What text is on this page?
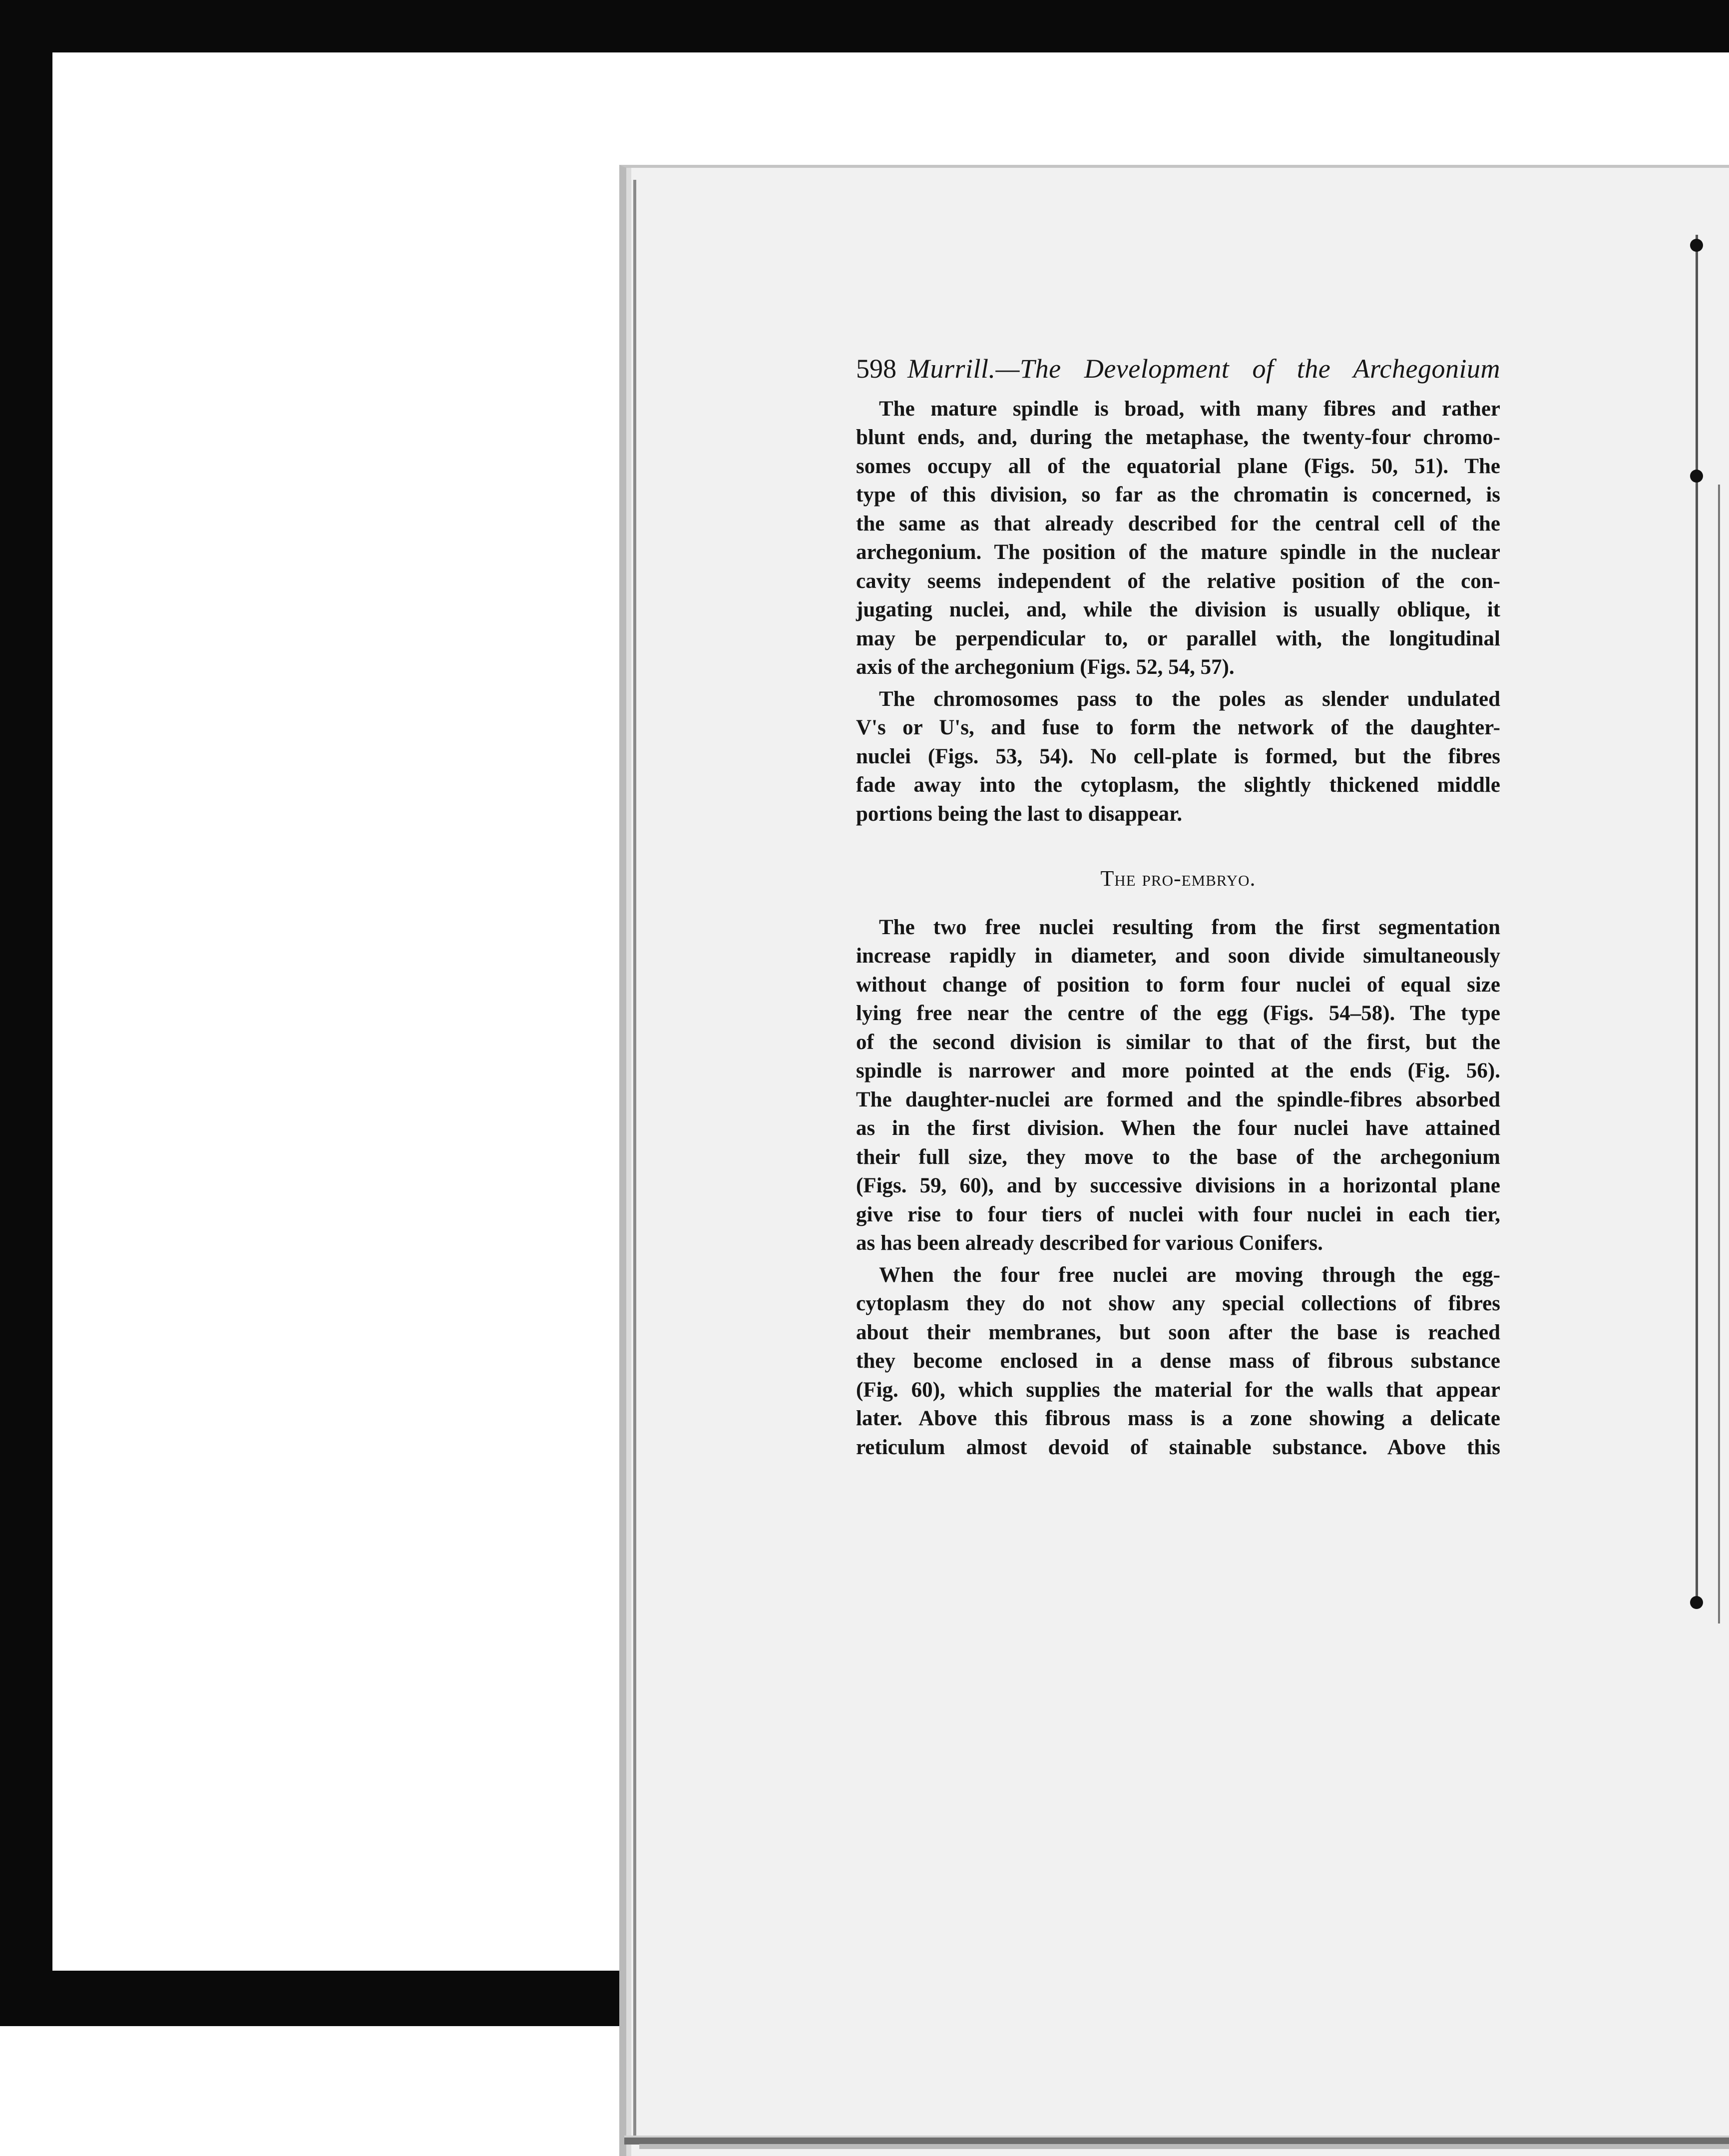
598 Murrill.—The Development of the Archegonium
The mature spindle is broad, with many fibres and rather
blunt ends, and, during the metaphase, the twenty-four chromo-
somes occupy all of the equatorial plane (Figs. 50, 51). The
type of this division, so far as the chromatin is concerned, is
the same as that already described for the central cell of the
archegonium. The position of the mature spindle in the nuclear
cavity seems independent of the relative position of the con-
jugating nuclei, and, while the division is usually oblique, it
may be perpendicular to, or parallel with, the longitudinal
axis of the archegonium (Figs. 52, 54, 57).
The chromosomes pass to the poles as slender undulated
V's or U's, and fuse to form the network of the daughter-
nuclei (Figs. 53, 54). No cell-plate is formed, but the fibres
fade away into the cytoplasm, the slightly thickened middle
portions being the last to disappear.
The pro-embryo.
The two free nuclei resulting from the first segmentation
increase rapidly in diameter, and soon divide simultaneously
without change of position to form four nuclei of equal size
lying free near the centre of the egg (Figs. 54–58). The type
of the second division is similar to that of the first, but the
spindle is narrower and more pointed at the ends (Fig. 56).
The daughter-nuclei are formed and the spindle-fibres absorbed
as in the first division. When the four nuclei have attained
their full size, they move to the base of the archegonium
(Figs. 59, 60), and by successive divisions in a horizontal plane
give rise to four tiers of nuclei with four nuclei in each tier,
as has been already described for various Conifers.
When the four free nuclei are moving through the egg-
cytoplasm they do not show any special collections of fibres
about their membranes, but soon after the base is reached
they become enclosed in a dense mass of fibrous substance
(Fig. 60), which supplies the material for the walls that appear
later. Above this fibrous mass is a zone showing a delicate
reticulum almost devoid of stainable substance. Above this
